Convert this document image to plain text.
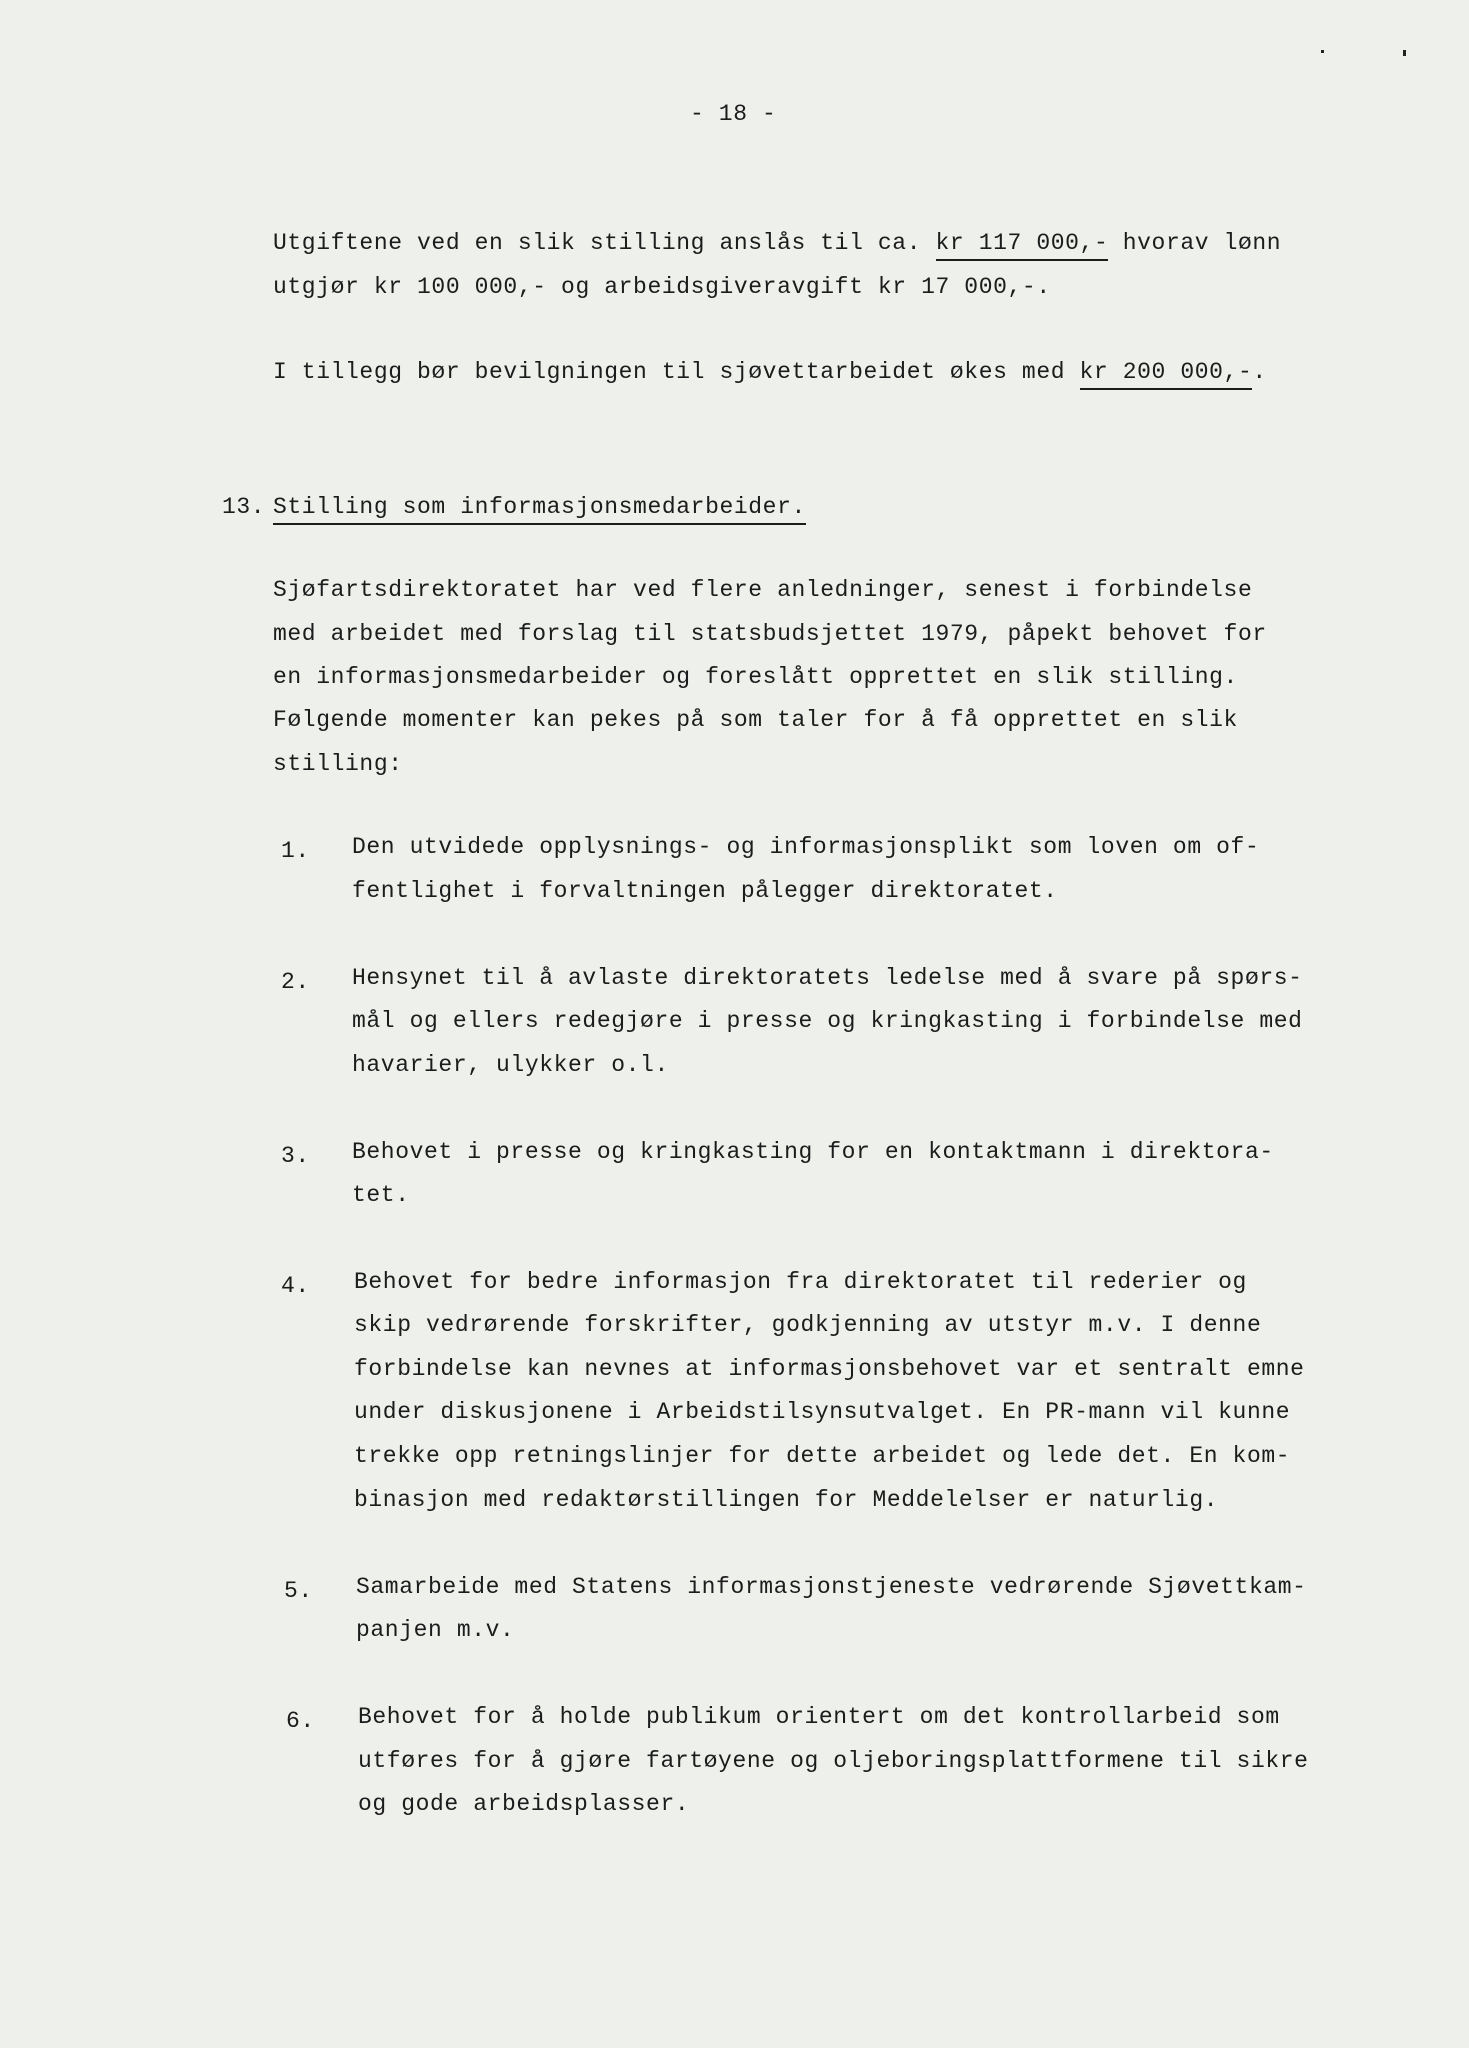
- 18 -
Utgiftene ved en slik stilling anslås til ca. kr 117 000,- hvorav lønn
utgjør kr 100 000,- og arbeidsgiveravgift kr 17 000,-.
I tillegg bør bevilgningen til sjøvettarbeidet økes med kr 200 000,-.
13. Stilling som informasjonsmedarbeider.
Sjøfartsdirektoratet har ved flere anledninger, senest i forbindelse
med arbeidet med forslag til statsbudsjettet 1979, påpekt behovet for
en informasjonsmedarbeider og foreslått opprettet en slik stilling.
Følgende momenter kan pekes på som taler for å få opprettet en slik
stilling:
1. Den utvidede opplysnings- og informasjonsplikt som loven om of-
fentlighet i forvaltningen pålegger direktoratet.
2. Hensynet til å avlaste direktoratets ledelse med å svare på spørs-
mål og ellers redegjøre i presse og kringkasting i forbindelse med
havarier, ulykker o.l.
3. Behovet i presse og kringkasting for en kontaktmann i direktora-
tet.
4. Behovet for bedre informasjon fra direktoratet til rederier og
skip vedrørende forskrifter, godkjenning av utstyr m.v. I denne
forbindelse kan nevnes at informasjonsbehovet var et sentralt emne
under diskusjonene i Arbeidstilsynsutvalget. En PR-mann vil kunne
trekke opp retningslinjer for dette arbeidet og lede det. En kom-
binasjon med redaktørstillingen for Meddelelser er naturlig.
5. Samarbeide med Statens informasjonstjeneste vedrørende Sjøvettkam-
panjen m.v.
6. Behovet for å holde publikum orientert om det kontrollarbeid som
utføres for å gjøre fartøyene og oljeboringsplattformene til sikre
og gode arbeidsplasser.
